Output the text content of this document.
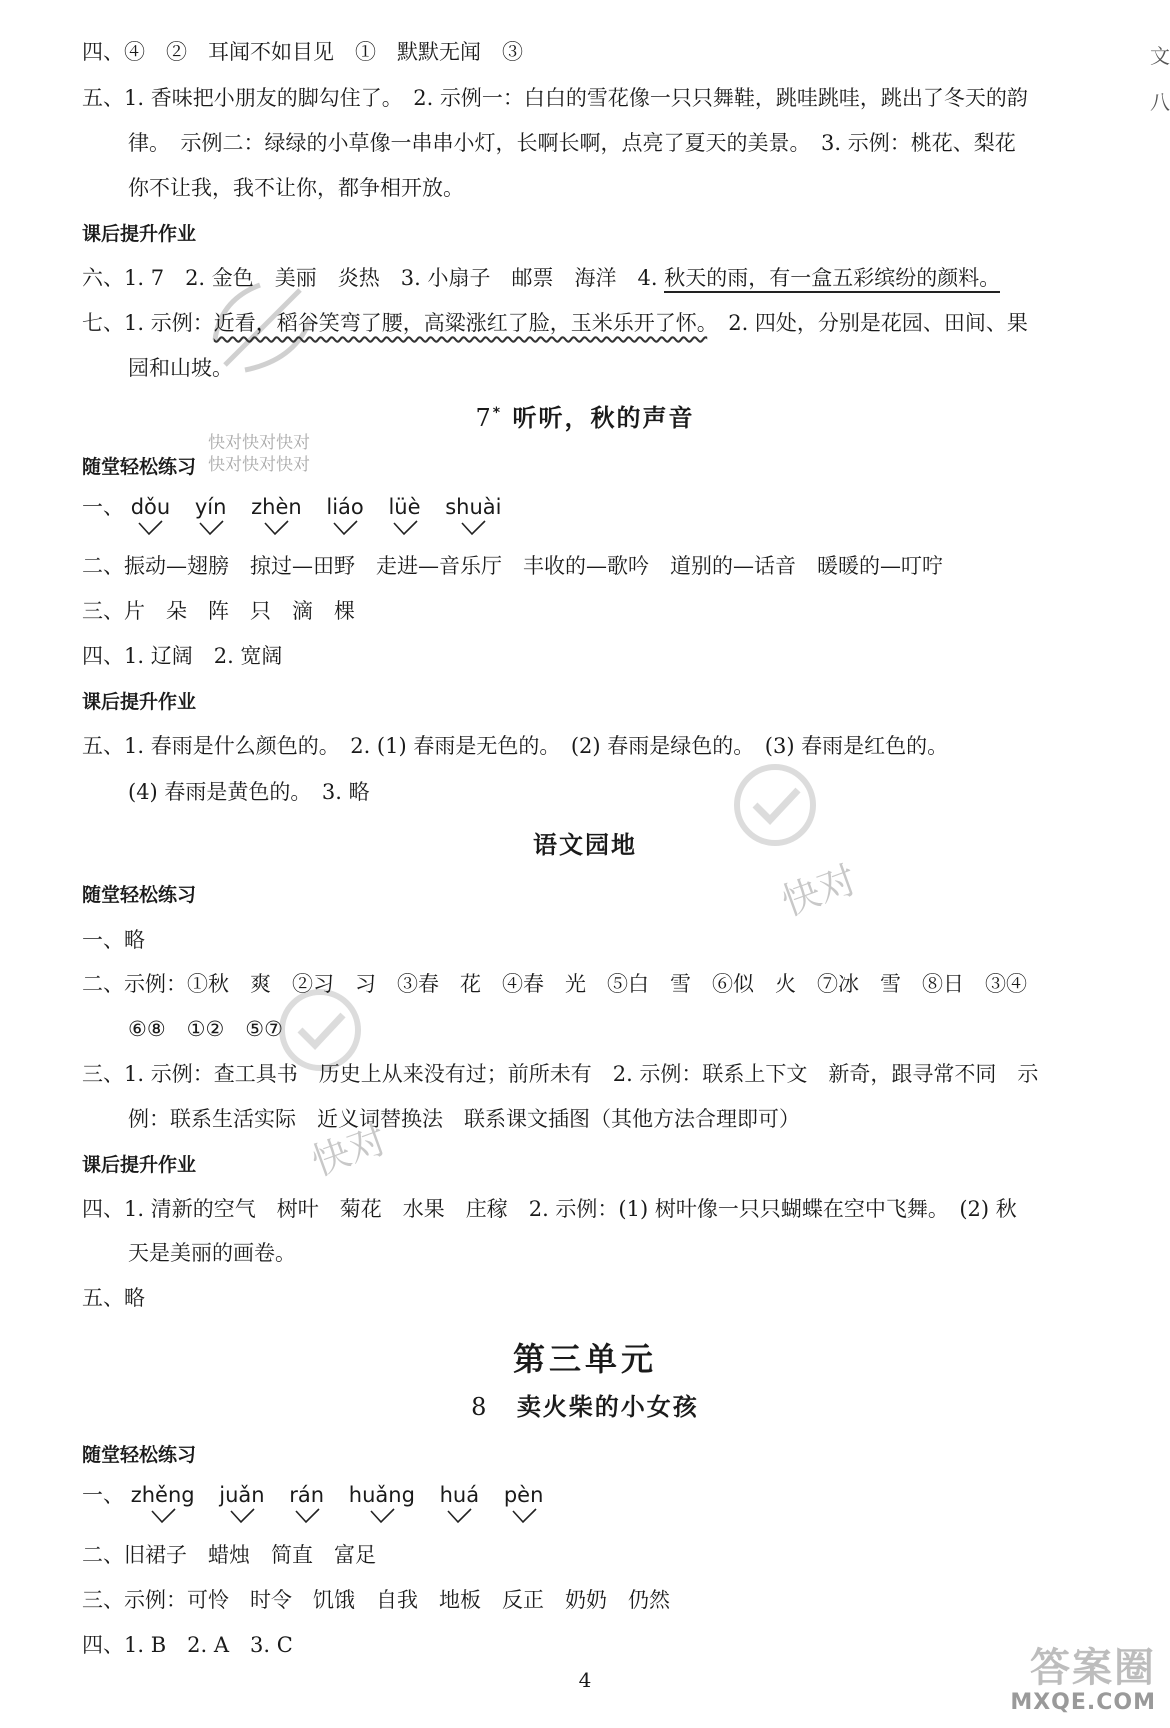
快对快对快对
快对快对快对
快对
快对
四、④　②　耳闻不如目见　①　默默无闻　③
五、1. 香味把小朋友的脚勾住了。　2. 示例一：白白的雪花像一只只舞鞋，跳哇跳哇，跳出了冬天的韵
律。　示例二：绿绿的小草像一串串小灯，长啊长啊，点亮了夏天的美景。　3. 示例：桃花、梨花
你不让我，我不让你，都争相开放。
课后提升作业
六、1. 7　2. 金色　美丽　炎热　3. 小扇子　邮票　海洋　4. 秋天的雨，有一盒五彩缤纷的颜料。
七、1. 示例：近看，稻谷笑弯了腰，高粱涨红了脸，玉米乐开了怀。　2. 四处，分别是花园、田间、果
园和山坡。
7* 听听，秋的声音
随堂轻松练习
一、 dǒu yín zhèn liáo lüè shuài
二、振动—翅膀　掠过—田野　走进—音乐厅　丰收的—歌吟　道别的—话音　暖暖的—叮咛
三、片　朵　阵　只　滴　棵
四、1. 辽阔　2. 宽阔
课后提升作业
五、1. 春雨是什么颜色的。　2. (1) 春雨是无色的。　(2) 春雨是绿色的。　(3) 春雨是红色的。
(4) 春雨是黄色的。　3. 略
语文园地
随堂轻松练习
一、略
二、示例：①秋　爽　②习　习　③春　花　④春　光　⑤白　雪　⑥似　火　⑦冰　雪　⑧日　③④
⑥⑧　①②　⑤⑦
三、1. 示例：查工具书　历史上从来没有过；前所未有　2. 示例：联系上下文　新奇，跟寻常不同　示
例：联系生活实际　近义词替换法　联系课文插图（其他方法合理即可）
课后提升作业
四、1. 清新的空气　树叶　菊花　水果　庄稼　2. 示例：(1) 树叶像一只只蝴蝶在空中飞舞。　(2) 秋
天是美丽的画卷。
五、略
第三单元
8 卖火柴的小女孩
随堂轻松练习
一、 zhěng juǎn rán huǎng huá pèn
二、旧裙子　蜡烛　简直　富足
三、示例：可怜　时令　饥饿　自我　地板　反正　奶奶　仍然
四、1. B　2. A　3. C
4	答案圈
MXQE.COM
文
八
